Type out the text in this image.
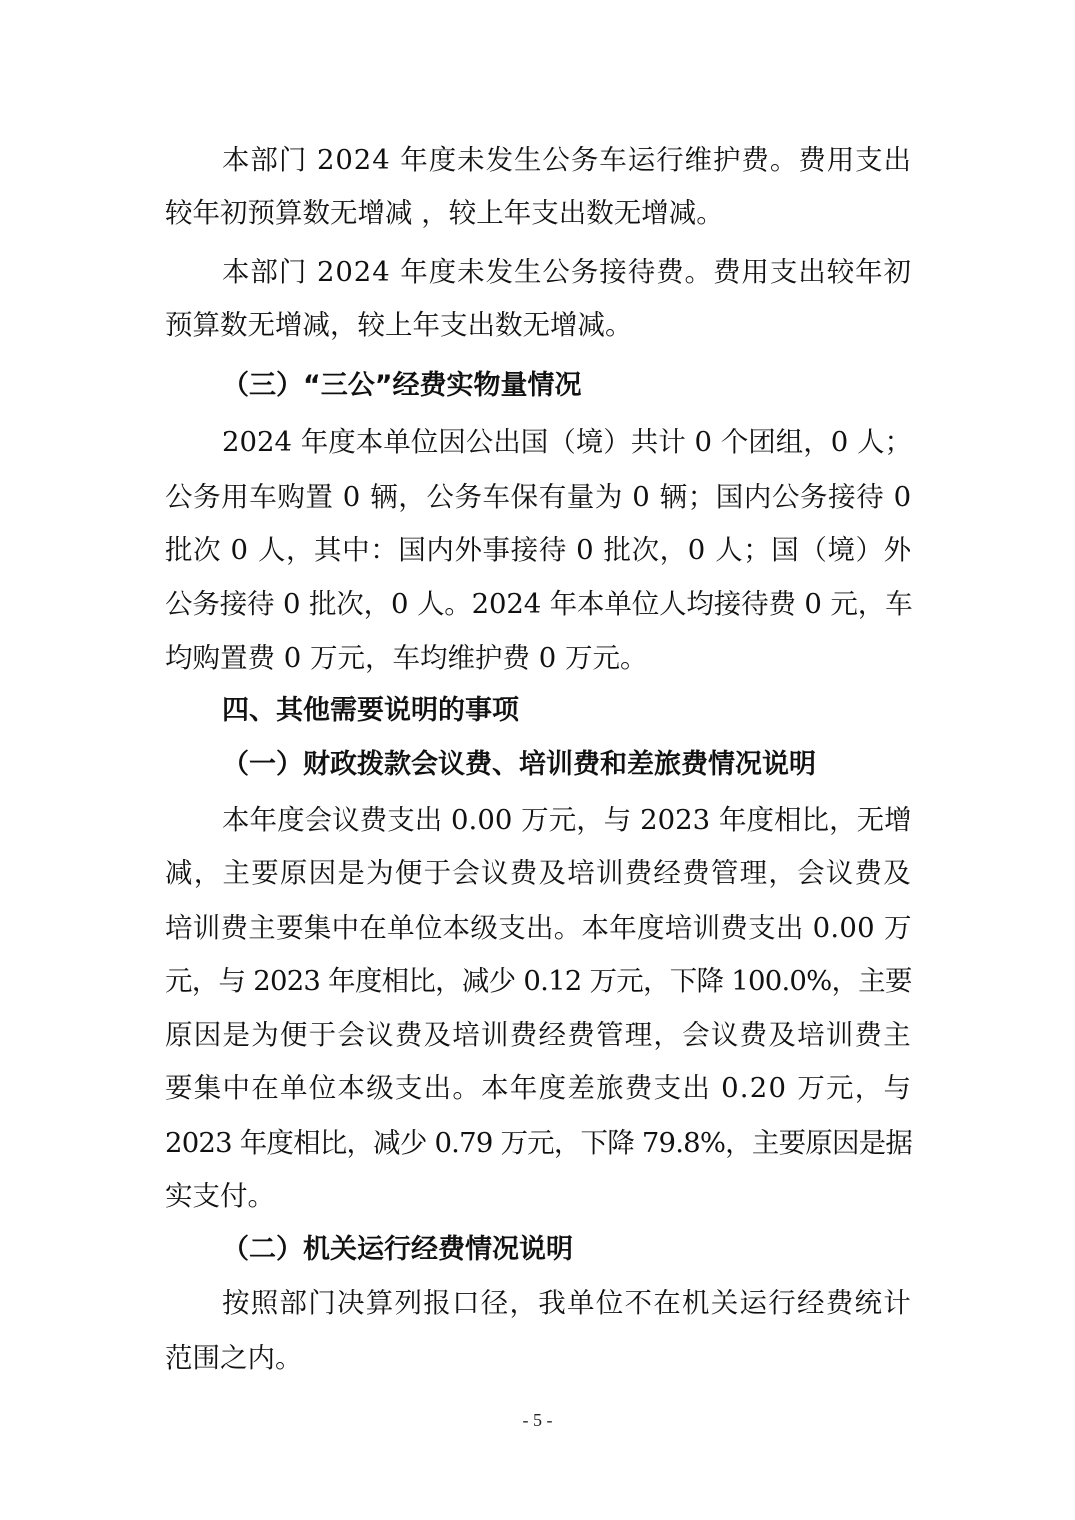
本部门 2024 年度未发生公务车运行维护费。费用支出
较年初预算数无增减 ，较上年支出数无增减。
本部门 2024 年度未发生公务接待费。费用支出较年初
预算数无增减，较上年支出数无增减。
（三）“三公”经费实物量情况
2024 年度本单位因公出国（境）共计 0 个团组，0 人；
公务用车购置 0 辆，公务车保有量为 0 辆；国内公务接待 0
批次 0 人，其中：国内外事接待 0 批次，0 人；国（境）外
公务接待 0 批次，0 人。2024 年本单位人均接待费 0 元，车
均购置费 0 万元，车均维护费 0 万元。
四、其他需要说明的事项
（一）财政拨款会议费、培训费和差旅费情况说明
本年度会议费支出 0.00 万元，与 2023 年度相比，无增
减，主要原因是为便于会议费及培训费经费管理，会议费及
培训费主要集中在单位本级支出。本年度培训费支出 0.00 万
元，与 2023 年度相比，减少 0.12 万元，下降 100.0%，主要
原因是为便于会议费及培训费经费管理，会议费及培训费主
要集中在单位本级支出。本年度差旅费支出 0.20 万元，与
2023 年度相比，减少 0.79 万元，下降 79.8%，主要原因是据
实支付。
（二）机关运行经费情况说明
按照部门决算列报口径，我单位不在机关运行经费统计
范围之内。
- 5 -
